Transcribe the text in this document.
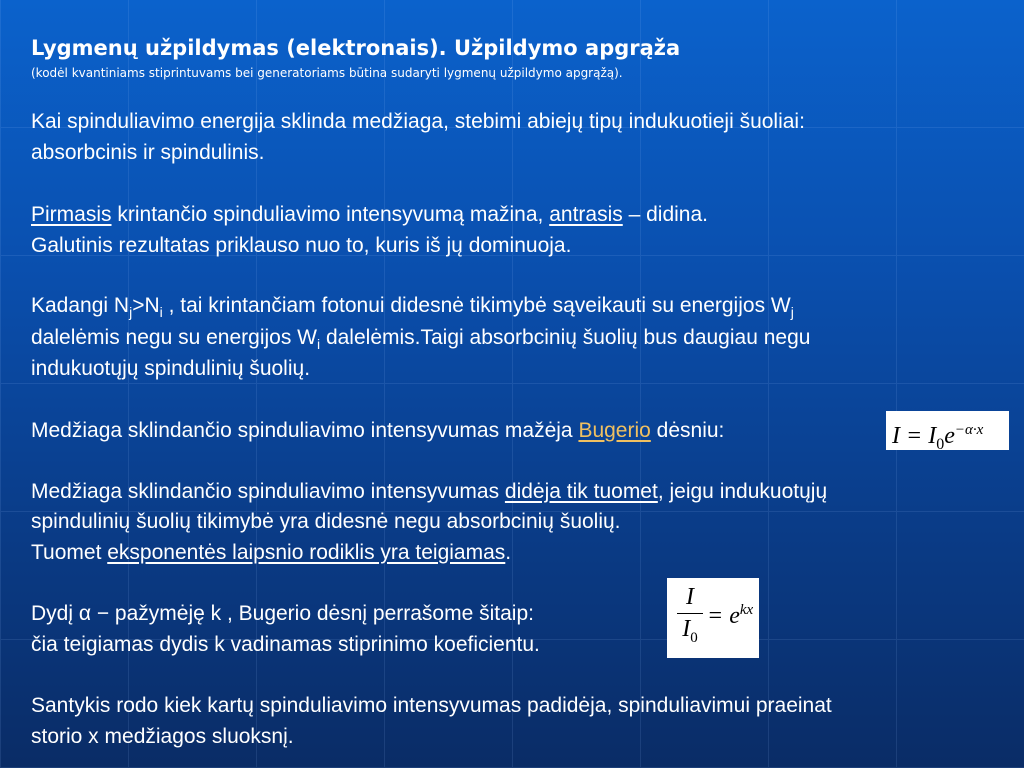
Lygmenų užpildymas (elektronais). Užpildymo apgrąža
(kodėl kvantiniams stiprintuvams bei generatoriams būtina sudaryti lygmenų užpildymo apgrąžą).
Kai spinduliavimo energija sklinda medžiaga, stebimi abiejų tipų indukuotieji šuoliai:
absorbcinis ir spindulinis.
Pirmasis krintančio spinduliavimo intensyvumą mažina, antrasis – didina.
Galutinis rezultatas priklauso nuo to, kuris iš jų dominuoja.
Kadangi $N_j>N_i$ , tai krintančiam fotonui didesnė tikimybė sąveikauti su energijos $W_j$
dalelėmis negu su energijos $W_i$ dalelėmis.Taigi absorbcinių šuolių bus daugiau negu
indukuotųjų spindulinių šuolių.
Medžiaga sklindančio spinduliavimo intensyvumas mažėja Bugerio dėsniu:	$I = I_0e^{-\alpha\cdot x}$
Medžiaga sklindančio spinduliavimo intensyvumas didėja tik tuomet, jeigu indukuotųjų
spindulinių šuolių tikimybė yra didesnė negu absorbcinių šuolių.
Tuomet eksponentės laipsnio rodiklis yra teigiamas.
Dydį α − pažymėję k , Bugerio dėsnį perrašome šitaip:
čia teigiamas dydis k vadinamas stiprinimo koeficientu.
I
$I_0$
= $e^{kx}$
Santykis rodo kiek kartų spinduliavimo intensyvumas padidėja, spinduliavimui praeinat
storio x medžiagos sluoksnį.
